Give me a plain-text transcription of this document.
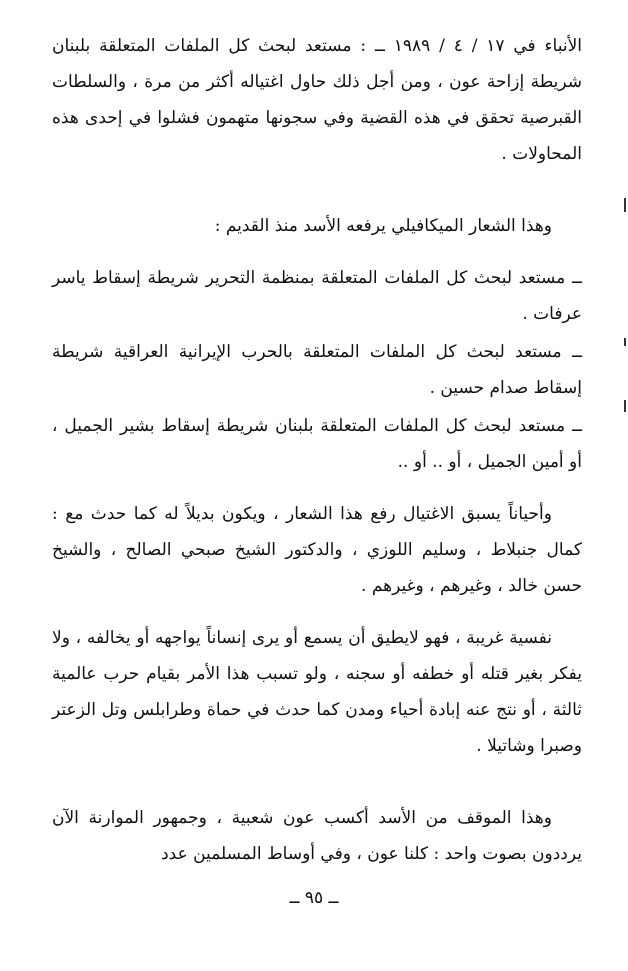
الأنباء في ١٧ / ٤ / ١٩٨٩ ــ : مستعد لبحث كل الملفات المتعلقة بلبنان شريطة إزاحة عون ، ومن أجل ذلك حاول اغتياله أكثر من مرة ، والسلطات القبرصية تحقق في هذه القضية وفي سجونها متهمون فشلوا في إحدى هذه المحاولات .

وهذا الشعار الميكافيلي يرفعه الأسد منذ القديم :

ــ مستعد لبحث كل الملفات المتعلقة بمنظمة التحرير شريطة إسقاط ياسر عرفات .

ــ مستعد لبحث كل الملفات المتعلقة بالحرب الإيرانية العراقية شريطة إسقاط صدام حسين .

ــ مستعد لبحث كل الملفات المتعلقة بلبنان شريطة إسقاط بشير الجميل ، أو أمين الجميل ، أو .. أو ..

وأحياناً يسبق الاغتيال رفع هذا الشعار ، ويكون بديلاً له كما حدث مع : كمال جنبلاط ، وسليم اللوزي ، والدكتور الشيخ صبحي الصالح ، والشيخ حسن خالد ، وغيرهم ، وغيرهم .

نفسية غريبة ، فهو لايطيق أن يسمع أو يرى إنساناً يواجهه أو يخالفه ، ولا يفكر بغير قتله أو خطفه أو سجنه ، ولو تسبب هذا الأمر بقيام حرب عالمية ثالثة ، أو نتج عنه إبادة أحياء ومدن كما حدث في حماة وطرابلس وتل الزعتر وصبرا وشاتيلا .

وهذا الموقف من الأسد أكسب عون شعبية ، وجمهور الموارنة الآن يرددون بصوت واحد : كلنا عون ، وفي أوساط المسلمين عدد

ــ ٩٥ ــ
